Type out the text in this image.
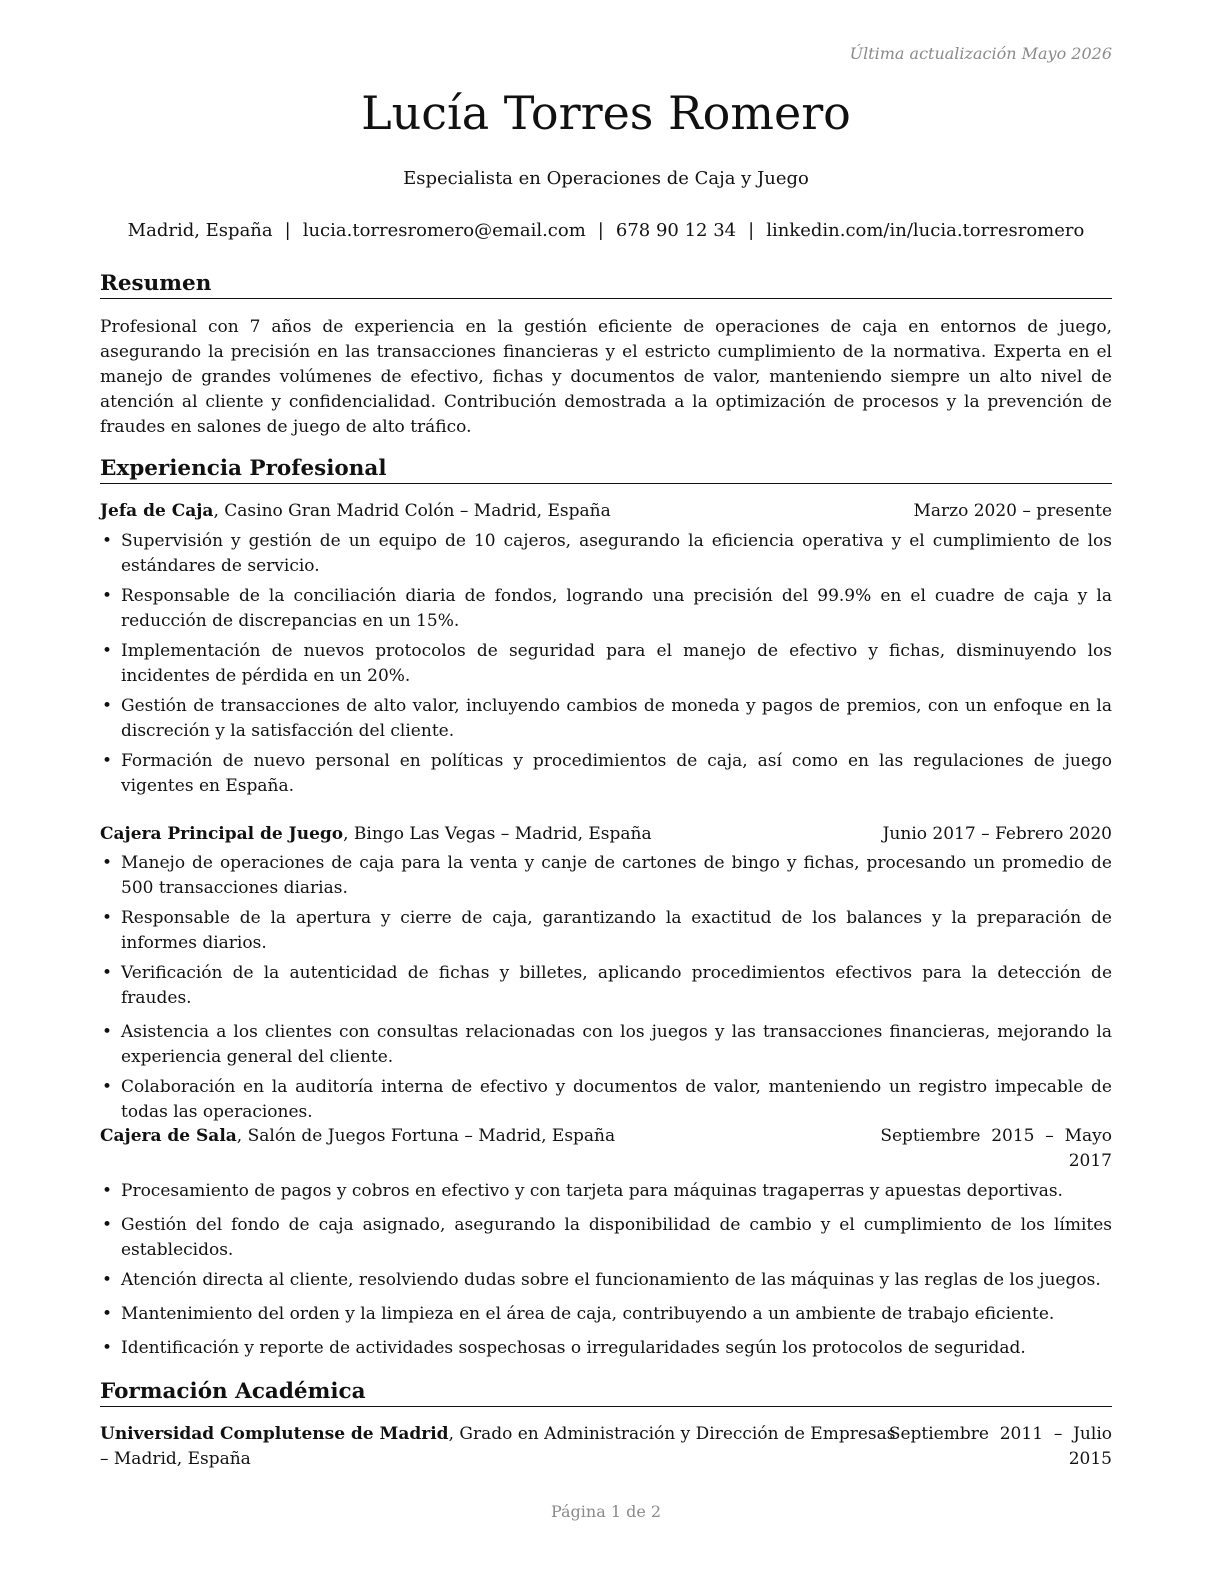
Última actualización Mayo 2026
Lucía Torres Romero
Especialista en Operaciones de Caja y Juego
Madrid, España | lucia.torresromero@email.com | 678 90 12 34 | linkedin.com/in/lucia.torresromero
Resumen
Profesional con 7 años de experiencia en la gestión eficiente de operaciones de caja en entornos de juego, asegurando la precisión en las transacciones financieras y el estricto cumplimiento de la normativa. Experta en el manejo de grandes volúmenes de efectivo, fichas y documentos de valor, manteniendo siempre un alto nivel de atención al cliente y confidencialidad. Contribución demostrada a la optimización de procesos y la prevención de fraudes en salones de juego de alto tráfico.
Experiencia Profesional
Jefa de Caja, Casino Gran Madrid Colón – Madrid, España	Marzo 2020 – presente
• Supervisión y gestión de un equipo de 10 cajeros, asegurando la eficiencia operativa y el cumplimiento de los estándares de servicio.
• Responsable de la conciliación diaria de fondos, logrando una precisión del 99.9% en el cuadre de caja y la reducción de discrepancias en un 15%.
• Implementación de nuevos protocolos de seguridad para el manejo de efectivo y fichas, disminuyendo los incidentes de pérdida en un 20%.
• Gestión de transacciones de alto valor, incluyendo cambios de moneda y pagos de premios, con un enfoque en la discreción y la satisfacción del cliente.
• Formación de nuevo personal en políticas y procedimientos de caja, así como en las regulaciones de juego vigentes en España.
Cajera Principal de Juego, Bingo Las Vegas – Madrid, España	Junio 2017 – Febrero 2020
• Manejo de operaciones de caja para la venta y canje de cartones de bingo y fichas, procesando un promedio de 500 transacciones diarias.
• Responsable de la apertura y cierre de caja, garantizando la exactitud de los balances y la preparación de informes diarios.
• Verificación de la autenticidad de fichas y billetes, aplicando procedimientos efectivos para la detección de fraudes.
• Asistencia a los clientes con consultas relacionadas con los juegos y las transacciones financieras, mejorando la experiencia general del cliente.
• Colaboración en la auditoría interna de efectivo y documentos de valor, manteniendo un registro impecable de todas las operaciones.
Cajera de Sala, Salón de Juegos Fortuna – Madrid, España	Septiembre  2015  –  Mayo
2017
• Procesamiento de pagos y cobros en efectivo y con tarjeta para máquinas tragaperras y apuestas deportivas.
• Gestión del fondo de caja asignado, asegurando la disponibilidad de cambio y el cumplimiento de los límites establecidos.
• Atención directa al cliente, resolviendo dudas sobre el funcionamiento de las máquinas y las reglas de los juegos.
• Mantenimiento del orden y la limpieza en el área de caja, contribuyendo a un ambiente de trabajo eficiente.
• Identificación y reporte de actividades sospechosas o irregularidades según los protocolos de seguridad.
Formación Académica
Universidad Complutense de Madrid, Grado en Administración y Dirección de Empresas
– Madrid, España
Septiembre  2011  –  Julio
2015
Página 1 de 2
